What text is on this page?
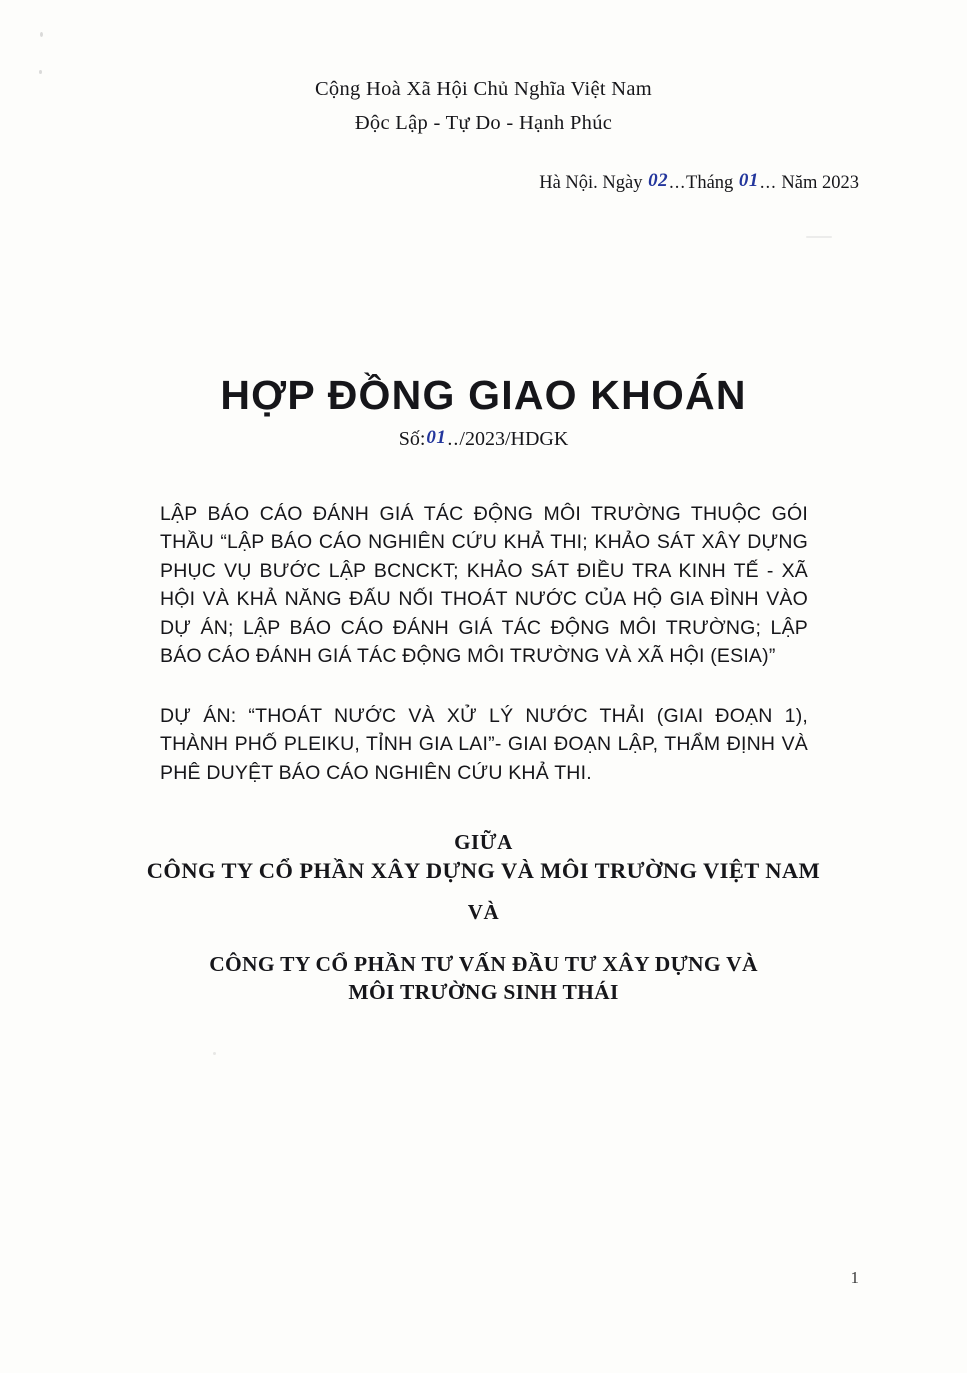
Cộng Hoà Xã Hội Chủ Nghĩa Việt Nam
Độc Lập - Tự Do - Hạnh Phúc
Hà Nội. Ngày 02...Tháng 01... Năm 2023
HỢP ĐỒNG GIAO KHOÁN
Số:01../2023/HDGK
LẬP BÁO CÁO ĐÁNH GIÁ TÁC ĐỘNG MÔI TRƯỜNG THUỘC GÓI THẦU “LẬP BÁO CÁO NGHIÊN CỨU KHẢ THI; KHẢO SÁT XÂY DỰNG PHỤC VỤ BƯỚC LẬP BCNCKT; KHẢO SÁT ĐIỀU TRA KINH TẾ - XÃ HỘI VÀ KHẢ NĂNG ĐẤU NỐI THOÁT NƯỚC CỦA HỘ GIA ĐÌNH VÀO DỰ ÁN; LẬP BÁO CÁO ĐÁNH GIÁ TÁC ĐỘNG MÔI TRƯỜNG; LẬP BÁO CÁO ĐÁNH GIÁ TÁC ĐỘNG MÔI TRƯỜNG VÀ XÃ HỘI (ESIA)”
DỰ ÁN: “THOÁT NƯỚC VÀ XỬ LÝ NƯỚC THẢI (GIAI ĐOẠN 1), THÀNH PHỐ PLEIKU, TỈNH GIA LAI”- GIAI ĐOẠN LẬP, THẨM ĐỊNH VÀ PHÊ DUYỆT BÁO CÁO NGHIÊN CỨU KHẢ THI.
GIỮA
CÔNG TY CỔ PHẦN XÂY DỰNG VÀ MÔI TRƯỜNG VIỆT NAM
VÀ
CÔNG TY CỔ PHẦN TƯ VẤN ĐẦU TƯ XÂY DỰNG VÀ
MÔI TRƯỜNG SINH THÁI
1
